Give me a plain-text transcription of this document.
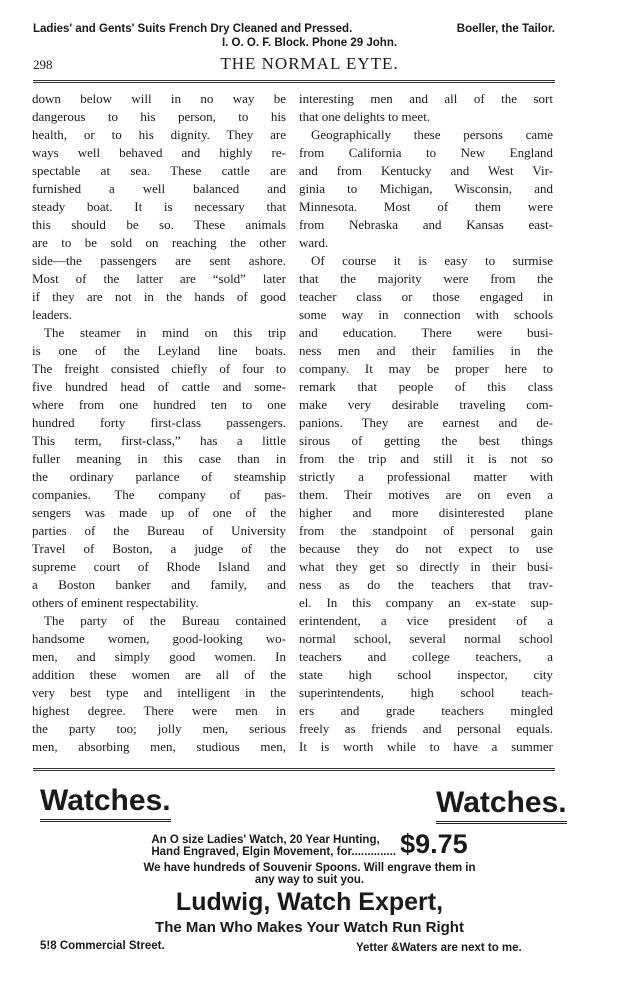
Ladies' and Gents' Suits French Dry Cleaned and Pressed.	Boeller, the Tailor.
I. O. O. F. Block. Phone 29 John.
298	THE NORMAL EYTE.
down below will in no way be
dangerous to his person, to his
health, or to his dignity. They are
ways well behaved and highly re-
spectable at sea. These cattle are
furnished a well balanced and
steady boat. It is necessary that
this should be so. These animals
are to be sold on reaching the other
side—the passengers are sent ashore.
Most of the latter are “sold” later
if they are not in the hands of good
leaders.
The steamer in mind on this trip
is one of the Leyland line boats.
The freight consisted chiefly of four to
five hundred head of cattle and some-
where from one hundred ten to one
hundred forty first-class passengers.
This term, first-class,” has a little
fuller meaning in this case than in
the ordinary parlance of steamship
companies. The company of pas-
sengers was made up of one of the
parties of the Bureau of University
Travel of Boston, a judge of the
supreme court of Rhode Island and
a Boston banker and family, and
others of eminent respectability.
The party of the Bureau contained
handsome women, good-looking wo-
men, and simply good women. In
addition these women are all of the
very best type and intelligent in the
highest degree. There were men in
the party too; jolly men, serious
men, absorbing men, studious men,
interesting men and all of the sort
that one delights to meet.
Geographically these persons came
from California to New England
and from Kentucky and West Vir-
ginia to Michigan, Wisconsin, and
Minnesota. Most of them were
from Nebraska and Kansas east-
ward.
Of course it is easy to surmise
that the majority were from the
teacher class or those engaged in
some way in connection with schools
and education. There were busi-
ness men and their families in the
company. It may be proper here to
remark that people of this class
make very desirable traveling com-
panions. They are earnest and de-
sirous of getting the best things
from the trip and still it is not so
strictly a professional matter with
them. Their motives are on even a
higher and more disinterested plane
from the standpoint of personal gain
because they do not expect to use
what they get so directly in their busi-
ness as do the teachers that trav-
el. In this company an ex-state sup-
erintendent, a vice president of a
normal school, several normal school
teachers and college teachers, a
state high school inspector, city
superintendents, high school teach-
ers and grade teachers mingled
freely as friends and personal equals.
It is worth while to have a summer
Watches.	Watches.
An O size Ladies' Watch, 20 Year Hunting,
Hand Engraved, Elgin Movement, for.............. $9.75
We have hundreds of Souvenir Spoons. Will engrave them in
any way to suit you.
Ludwig, Watch Expert,
The Man Who Makes Your Watch Run Right
5!8 Commercial Street.	Yetter &Waters are next to me.
